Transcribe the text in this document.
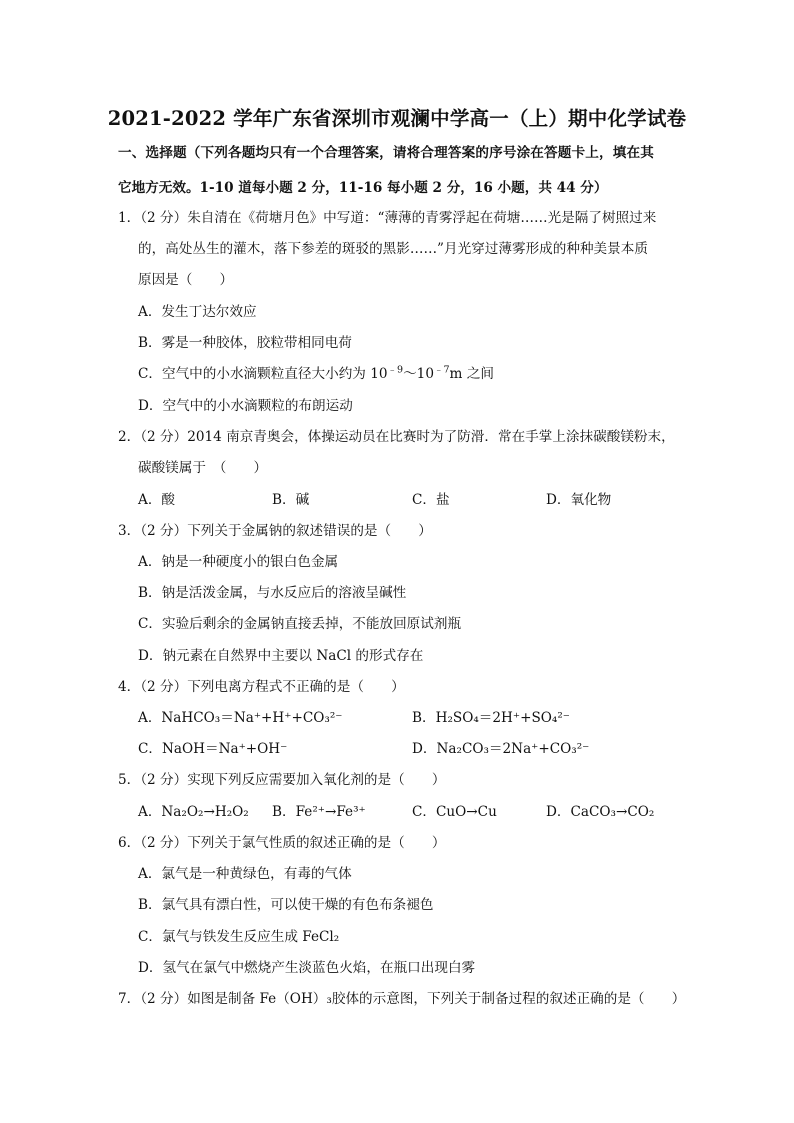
2021-2022 学年广东省深圳市观澜中学高一（上）期中化学试卷
一、选择题（下列各题均只有一个合理答案，请将合理答案的序号涂在答题卡上，填在其
它地方无效。1-10 道每小题 2 分，11-16 每小题 2 分，16 小题，共 44 分）
1．（2 分）朱自清在《荷塘月色》中写道：“薄薄的青雾浮起在荷塘……光是隔了树照过来
的，高处丛生的灌木，落下参差的斑驳的黑影……”月光穿过薄雾形成的种种美景本质
原因是（　　）
A．发生丁达尔效应
B．雾是一种胶体，胶粒带相同电荷
C．空气中的小水滴颗粒直径大小约为 $10^{﹣9}\sim 10^{﹣7}m$ 之间
D．空气中的小水滴颗粒的布朗运动
2．（2 分）2014 南京青奥会，体操运动员在比赛时为了防滑．常在手掌上涂抹碳酸镁粉末，
碳酸镁属于　（　　）
A．酸	B．碱	C．盐	D．氧化物
3．（2 分）下列关于金属钠的叙述错误的是（　　）
A．钠是一种硬度小的银白色金属
B．钠是活泼金属，与水反应后的溶液呈碱性
C．实验后剩余的金属钠直接丢掉，不能放回原试剂瓶
D．钠元素在自然界中主要以 NaCl 的形式存在
4．（2 分）下列电离方程式不正确的是（　　）
A．NaHCO₃＝Na⁺+H⁺+CO₃²⁻	B．H₂SO₄＝2H⁺+SO₄²⁻
C．NaOH＝Na⁺+OH⁻	D．Na₂CO₃＝2Na⁺+CO₃²⁻
5．（2 分）实现下列反应需要加入氧化剂的是（　　）
A．Na₂O₂→H₂O₂ B．Fe²⁺→Fe³⁺	C．CuO→Cu	D．CaCO₃→CO₂
6．（2 分）下列关于氯气性质的叙述正确的是（　　）
A．氯气是一种黄绿色，有毒的气体
B．氯气具有漂白性，可以使干燥的有色布条褪色
C．氯气与铁发生反应生成 FeCl₂
D．氢气在氯气中燃烧产生淡蓝色火焰，在瓶口出现白雾
7．（2 分）如图是制备 Fe（OH）₃胶体的示意图，下列关于制备过程的叙述正确的是（　　）
